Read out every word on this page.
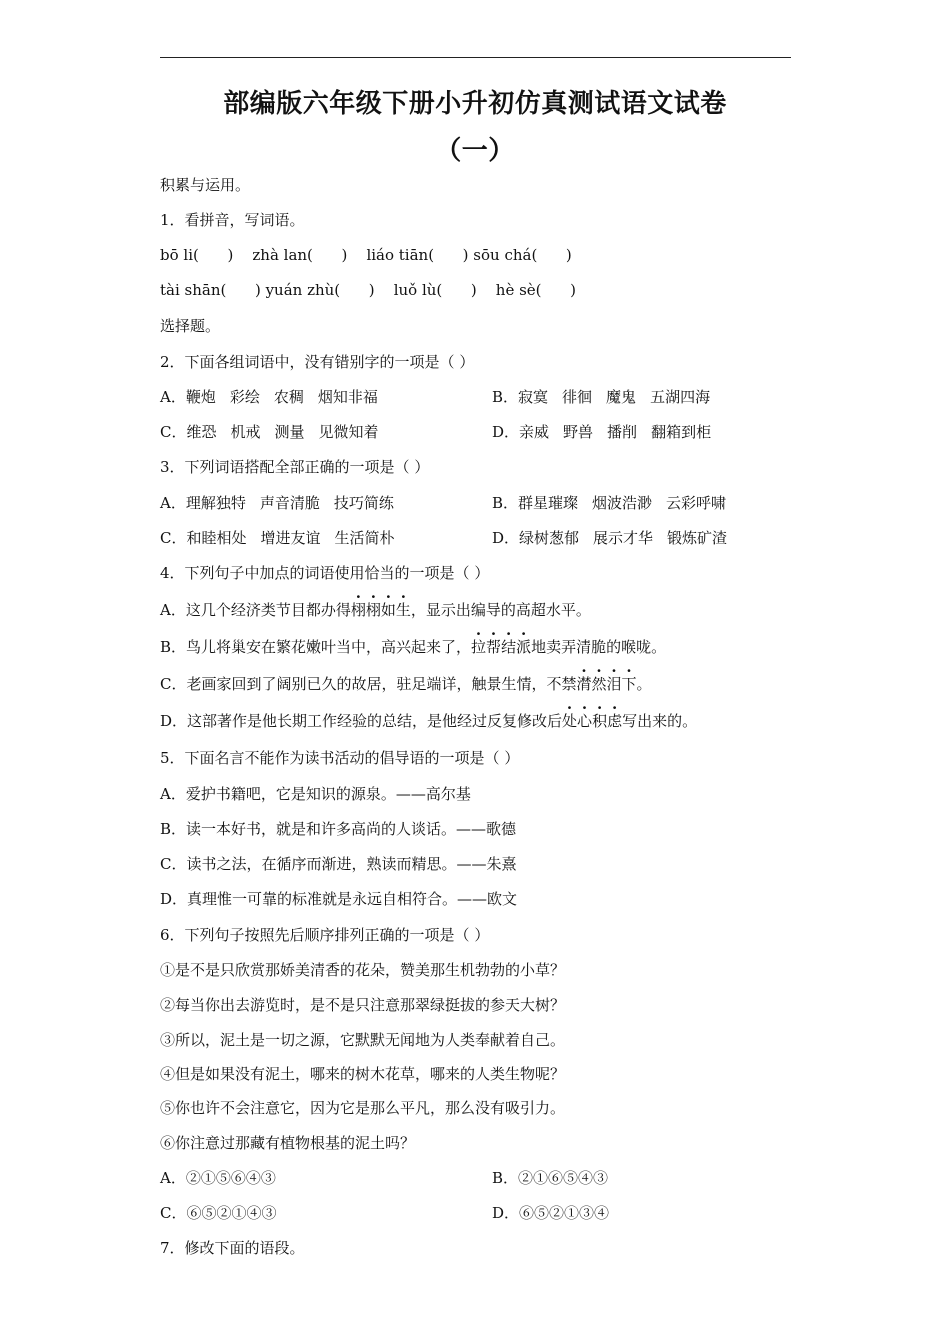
部编版六年级下册小升初仿真测试语文试卷
（一）
积累与运用。
1．看拼音，写词语。
bō li(      )    zhà lan(      )    liáo tiān(      ) sōu chá(      )
tài shān(      ) yuán zhù(      )    luǒ lù(      )    hè sè(      )
选择题。
2．下面各组词语中，没有错别字的一项是（ ）
A．鞭炮 彩绘 农稠 烟知非福	B．寂寞 徘徊 魔鬼 五湖四海
C．维恐 机戒 测量 见微知着	D．亲威 野兽 播削 翻箱到柜
3．下列词语搭配全部正确的一项是（ ）
A．理解独特 声音清脆 技巧简练	B．群星璀璨 烟波浩渺 云彩呼啸
C．和睦相处 增进友谊 生活简朴	D．绿树葱郁 展示才华 锻炼矿渣
4．下列句子中加点的词语使用恰当的一项是（ ）
A．这几个经济类节目都办得栩栩如生，显示出编导的高超水平。
B．鸟儿将巢安在繁花嫩叶当中，高兴起来了，拉帮结派地卖弄清脆的喉咙。
C．老画家回到了阔别已久的故居，驻足端详，触景生情，不禁潸然泪下。
D．这部著作是他长期工作经验的总结，是他经过反复修改后处心积虑写出来的。
5．下面名言不能作为读书活动的倡导语的一项是（ ）
A．爱护书籍吧，它是知识的源泉。——高尔基
B．读一本好书，就是和许多高尚的人谈话。——歌德
C．读书之法，在循序而渐进，熟读而精思。——朱熹
D．真理惟一可靠的标准就是永远自相符合。——欧文
6．下列句子按照先后顺序排列正确的一项是（ ）
①是不是只欣赏那娇美清香的花朵，赞美那生机勃勃的小草？
②每当你出去游览时，是不是只注意那翠绿挺拔的参天大树？
③所以，泥土是一切之源，它默默无闻地为人类奉献着自己。
④但是如果没有泥土，哪来的树木花草，哪来的人类生物呢？
⑤你也许不会注意它，因为它是那么平凡，那么没有吸引力。
⑥你注意过那藏有植物根基的泥土吗？
A．②①⑤⑥④③	B．②①⑥⑤④③
C．⑥⑤②①④③	D．⑥⑤②①③④
7．修改下面的语段。
